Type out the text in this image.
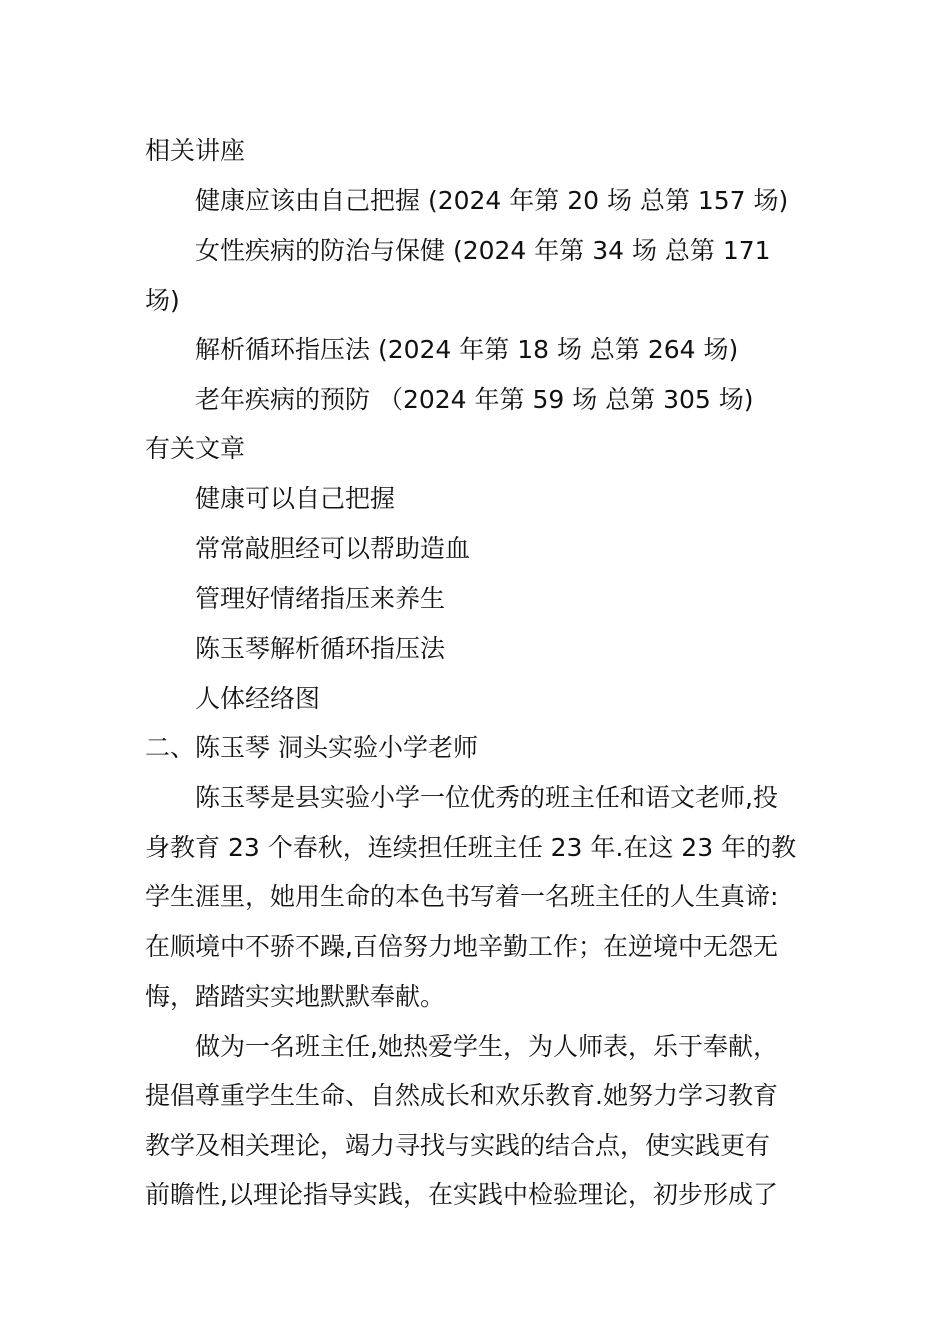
相关讲座
健康应该由自己把握 (2024 年第 20 场 总第 157 场)
女性疾病的防治与保健 (2024 年第 34 场 总第 171
场)
解析循环指压法 (2024 年第 18 场 总第 264 场)
老年疾病的预防 （2024 年第 59 场 总第 305 场)
有关文章
健康可以自己把握
常常敲胆经可以帮助造血
管理好情绪指压来养生
陈玉琴解析循环指压法
人体经络图
二、陈玉琴 洞头实验小学老师
陈玉琴是县实验小学一位优秀的班主任和语文老师,投
身教育 23 个春秋，连续担任班主任 23 年.在这 23 年的教
学生涯里，她用生命的本色书写着一名班主任的人生真谛:
在顺境中不骄不躁,百倍努力地辛勤工作；在逆境中无怨无
悔，踏踏实实地默默奉献。
做为一名班主任,她热爱学生，为人师表，乐于奉献，
提倡尊重学生生命、自然成长和欢乐教育.她努力学习教育
教学及相关理论，竭力寻找与实践的结合点，使实践更有
前瞻性,以理论指导实践，在实践中检验理论，初步形成了
